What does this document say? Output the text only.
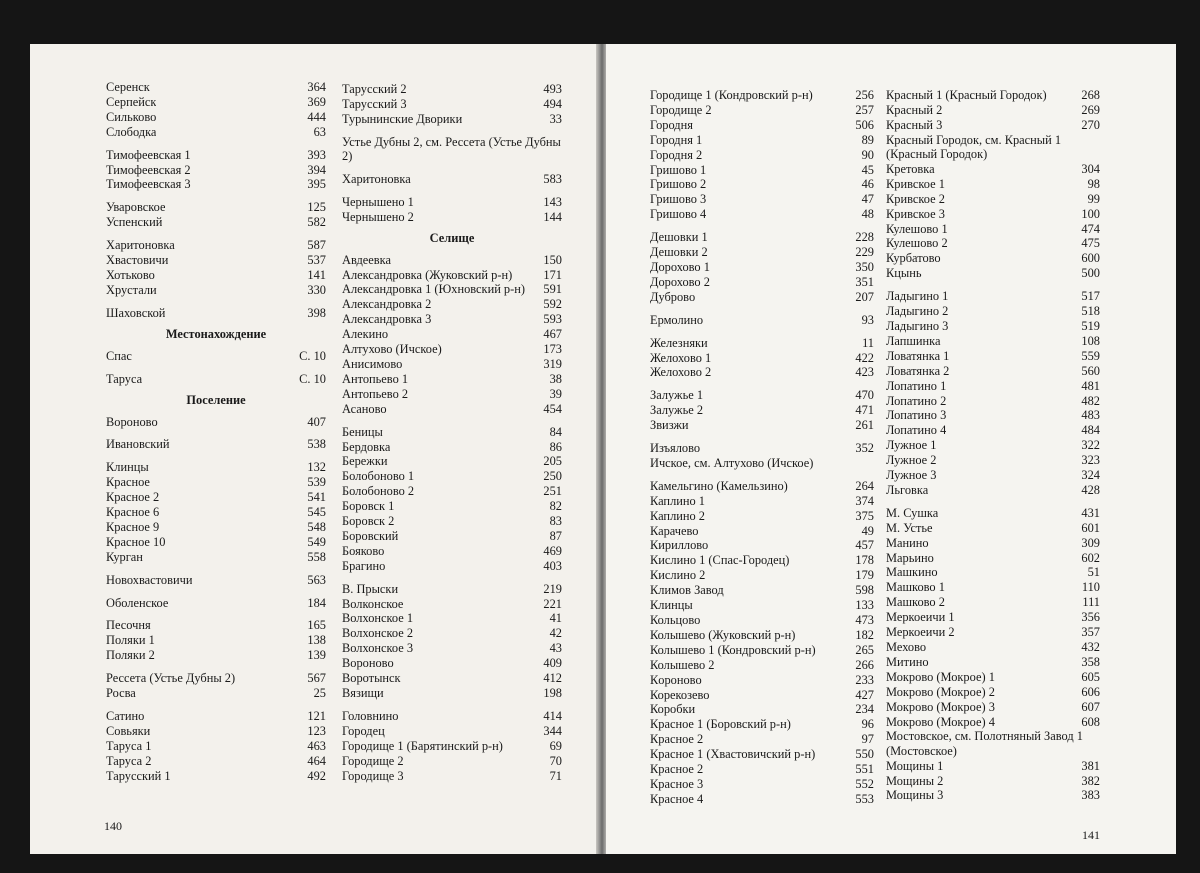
Серенск	364
Серпейск	369
Сильково	444
Слободка	63
Тимофеевская 1	393
Тимофеевская 2	394
Тимофеевская 3	395
Уваровское	125
Успенский	582
Харитоновка	587
Хвастовичи	537
Хотьково	141
Хрустали	330
Шаховской	398
Местонахождение
Спас	С. 10
Таруса	С. 10
Поселение
Вороново	407
Ивановский	538
Клинцы	132
Красное	539
Красное 2	541
Красное 6	545
Красное 9	548
Красное 10	549
Курган	558
Новохвастовичи	563
Оболенское	184
Песочня	165
Поляки 1	138
Поляки 2	139
Рессета (Устье Дубны 2)	567
Росва	25
Сатино	121
Совьяки	123
Таруса 1	463
Таруса 2	464
Тарусский 1	492
Тарусский 2	493
Тарусский 3	494
Турынинские Дворики	33
Устье Дубны 2, см. Рессета (Устье Дубны 2)
Харитоновка	583
Чернышено 1	143
Чернышено 2	144
Селище
Авдеевка	150
Александровка (Жуковский р-н)	171
Александровка 1 (Юхновский р-н)	591
Александровка 2	592
Александровка 3	593
Алекино	467
Алтухово (Ичское)	173
Анисимово	319
Антопьево 1	38
Антопьево 2	39
Асаново	454
Беницы	84
Бердовка	86
Бережки	205
Болобоново 1	250
Болобоново 2	251
Боровск 1	82
Боровск 2	83
Боровский	87
Бояково	469
Брагино	403
В. Прыски	219
Волконское	221
Волхонское 1	41
Волхонское 2	42
Волхонское 3	43
Вороново	409
Воротынск	412
Вязищи	198
Головнино	414
Городец	344
Городище 1 (Барятинский р-н)	69
Городище 2	70
Городище 3	71
140
Городище 1 (Кондровский р-н)	256
Городище 2	257
Городня	506
Городня 1	89
Городня 2	90
Гришово 1	45
Гришово 2	46
Гришово 3	47
Гришово 4	48
Дешовки 1	228
Дешовки 2	229
Дорохово 1	350
Дорохово 2	351
Дуброво	207
Ермолино	93
Железняки	11
Желохово 1	422
Желохово 2	423
Залужье 1	470
Залужье 2	471
Звизжи	261
Изъялово	352
Ичское, см. Алтухово (Ичское)
Камельгино (Камельзино)	264
Каплино 1	374
Каплино 2	375
Карачево	49
Кириллово	457
Кислино 1 (Спас-Городец)	178
Кислино 2	179
Климов Завод	598
Клинцы	133
Кольцово	473
Колышево (Жуковский р-н)	182
Колышево 1 (Кондровский р-н)	265
Колышево 2	266
Кopoнoвo	233
Корекозево	427
Коробки	234
Красное 1 (Боровский р-н)	96
Красное 2	97
Красное 1 (Хвастовичский р-н)	550
Красное 2	551
Красное 3	552
Красное 4	553
Красный 1 (Красный Городок)	268
Красный 2	269
Красный 3	270
Красный Городок, см. Красный 1 (Красный Городок)
Кретовка	304
Кривское 1	98
Кривское 2	99
Кривское 3	100
Кулешово 1	474
Кулешово 2	475
Курбатово	600
Кцынь	500
Ладыгино 1	517
Ладыгино 2	518
Ладыгино 3	519
Лапшинка	108
Ловатянка 1	559
Ловатянка 2	560
Лопатино 1	481
Лопатино 2	482
Лопатино 3	483
Лопатино 4	484
Лужное 1	322
Лужное 2	323
Лужное 3	324
Льговка	428
М. Сушка	431
М. Устье	601
Манино	309
Марьино	602
Машкино	51
Машково 1	110
Машково 2	111
Меркоеичи 1	356
Меркоеичи 2	357
Мехово	432
Митино	358
Мокрово (Мокрое) 1	605
Мокрово (Мокрое) 2	606
Мокрово (Мокрое) 3	607
Мокрово (Мокрое) 4	608
Мостовское, см. Полотняный Завод 1 (Мостовское)
Мощины 1	381
Мощины 2	382
Мощины 3	383
141
